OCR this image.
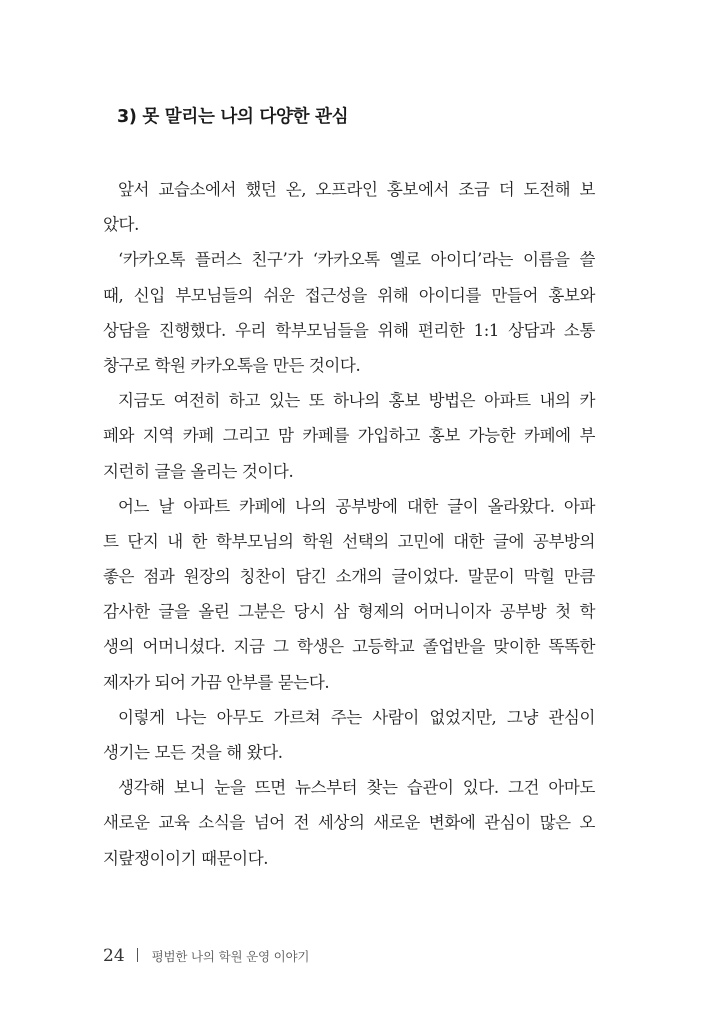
3) 못 말리는 나의 다양한 관심
앞서 교습소에서 했던 온, 오프라인 홍보에서 조금 더 도전해 보
았다.
‘카카오톡 플러스 친구’가 ‘카카오톡 옐로 아이디’라는 이름을 쓸
때, 신입 부모님들의 쉬운 접근성을 위해 아이디를 만들어 홍보와
상담을 진행했다. 우리 학부모님들을 위해 편리한 1:1 상담과 소통
창구로 학원 카카오톡을 만든 것이다.
지금도 여전히 하고 있는 또 하나의 홍보 방법은 아파트 내의 카
페와 지역 카페 그리고 맘 카페를 가입하고 홍보 가능한 카페에 부
지런히 글을 올리는 것이다.
어느 날 아파트 카페에 나의 공부방에 대한 글이 올라왔다. 아파
트 단지 내 한 학부모님의 학원 선택의 고민에 대한 글에 공부방의
좋은 점과 원장의 칭찬이 담긴 소개의 글이었다. 말문이 막힐 만큼
감사한 글을 올린 그분은 당시 삼 형제의 어머니이자 공부방 첫 학
생의 어머니셨다. 지금 그 학생은 고등학교 졸업반을 맞이한 똑똑한
제자가 되어 가끔 안부를 묻는다.
이렇게 나는 아무도 가르쳐 주는 사람이 없었지만, 그냥 관심이
생기는 모든 것을 해 왔다.
생각해 보니 눈을 뜨면 뉴스부터 찾는 습관이 있다. 그건 아마도
새로운 교육 소식을 넘어 전 세상의 새로운 변화에 관심이 많은 오
지랖쟁이이기 때문이다.
24 평범한 나의 학원 운영 이야기
